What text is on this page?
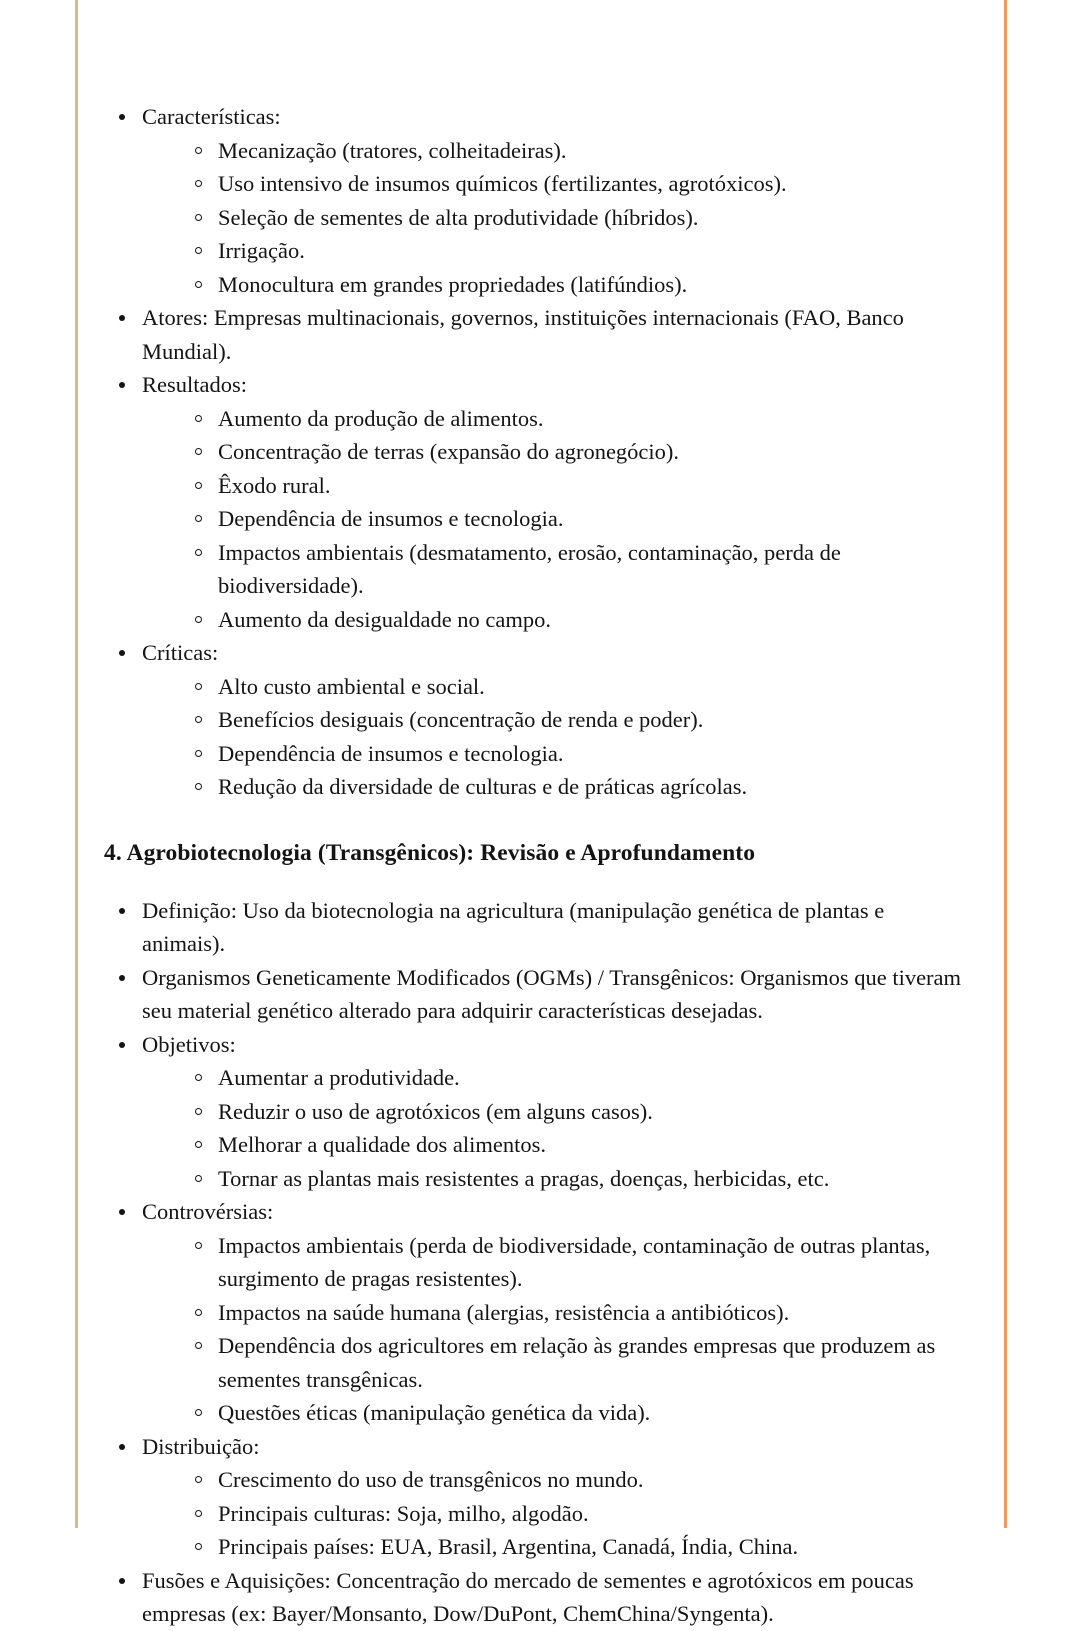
Características:
Mecanização (tratores, colheitadeiras).
Uso intensivo de insumos químicos (fertilizantes, agrotóxicos).
Seleção de sementes de alta produtividade (híbridos).
Irrigação.
Monocultura em grandes propriedades (latifúndios).
Atores: Empresas multinacionais, governos, instituições internacionais (FAO, Banco Mundial).
Resultados:
Aumento da produção de alimentos.
Concentração de terras (expansão do agronegócio).
Êxodo rural.
Dependência de insumos e tecnologia.
Impactos ambientais (desmatamento, erosão, contaminação, perda de biodiversidade).
Aumento da desigualdade no campo.
Críticas:
Alto custo ambiental e social.
Benefícios desiguais (concentração de renda e poder).
Dependência de insumos e tecnologia.
Redução da diversidade de culturas e de práticas agrícolas.
4. Agrobiotecnologia (Transgênicos): Revisão e Aprofundamento
Definição: Uso da biotecnologia na agricultura (manipulação genética de plantas e animais).
Organismos Geneticamente Modificados (OGMs) / Transgênicos: Organismos que tiveram seu material genético alterado para adquirir características desejadas.
Objetivos:
Aumentar a produtividade.
Reduzir o uso de agrotóxicos (em alguns casos).
Melhorar a qualidade dos alimentos.
Tornar as plantas mais resistentes a pragas, doenças, herbicidas, etc.
Controvérsias:
Impactos ambientais (perda de biodiversidade, contaminação de outras plantas, surgimento de pragas resistentes).
Impactos na saúde humana (alergias, resistência a antibióticos).
Dependência dos agricultores em relação às grandes empresas que produzem as sementes transgênicas.
Questões éticas (manipulação genética da vida).
Distribuição:
Crescimento do uso de transgênicos no mundo.
Principais culturas: Soja, milho, algodão.
Principais países: EUA, Brasil, Argentina, Canadá, Índia, China.
Fusões e Aquisições: Concentração do mercado de sementes e agrotóxicos em poucas empresas (ex: Bayer/Monsanto, Dow/DuPont, ChemChina/Syngenta).
